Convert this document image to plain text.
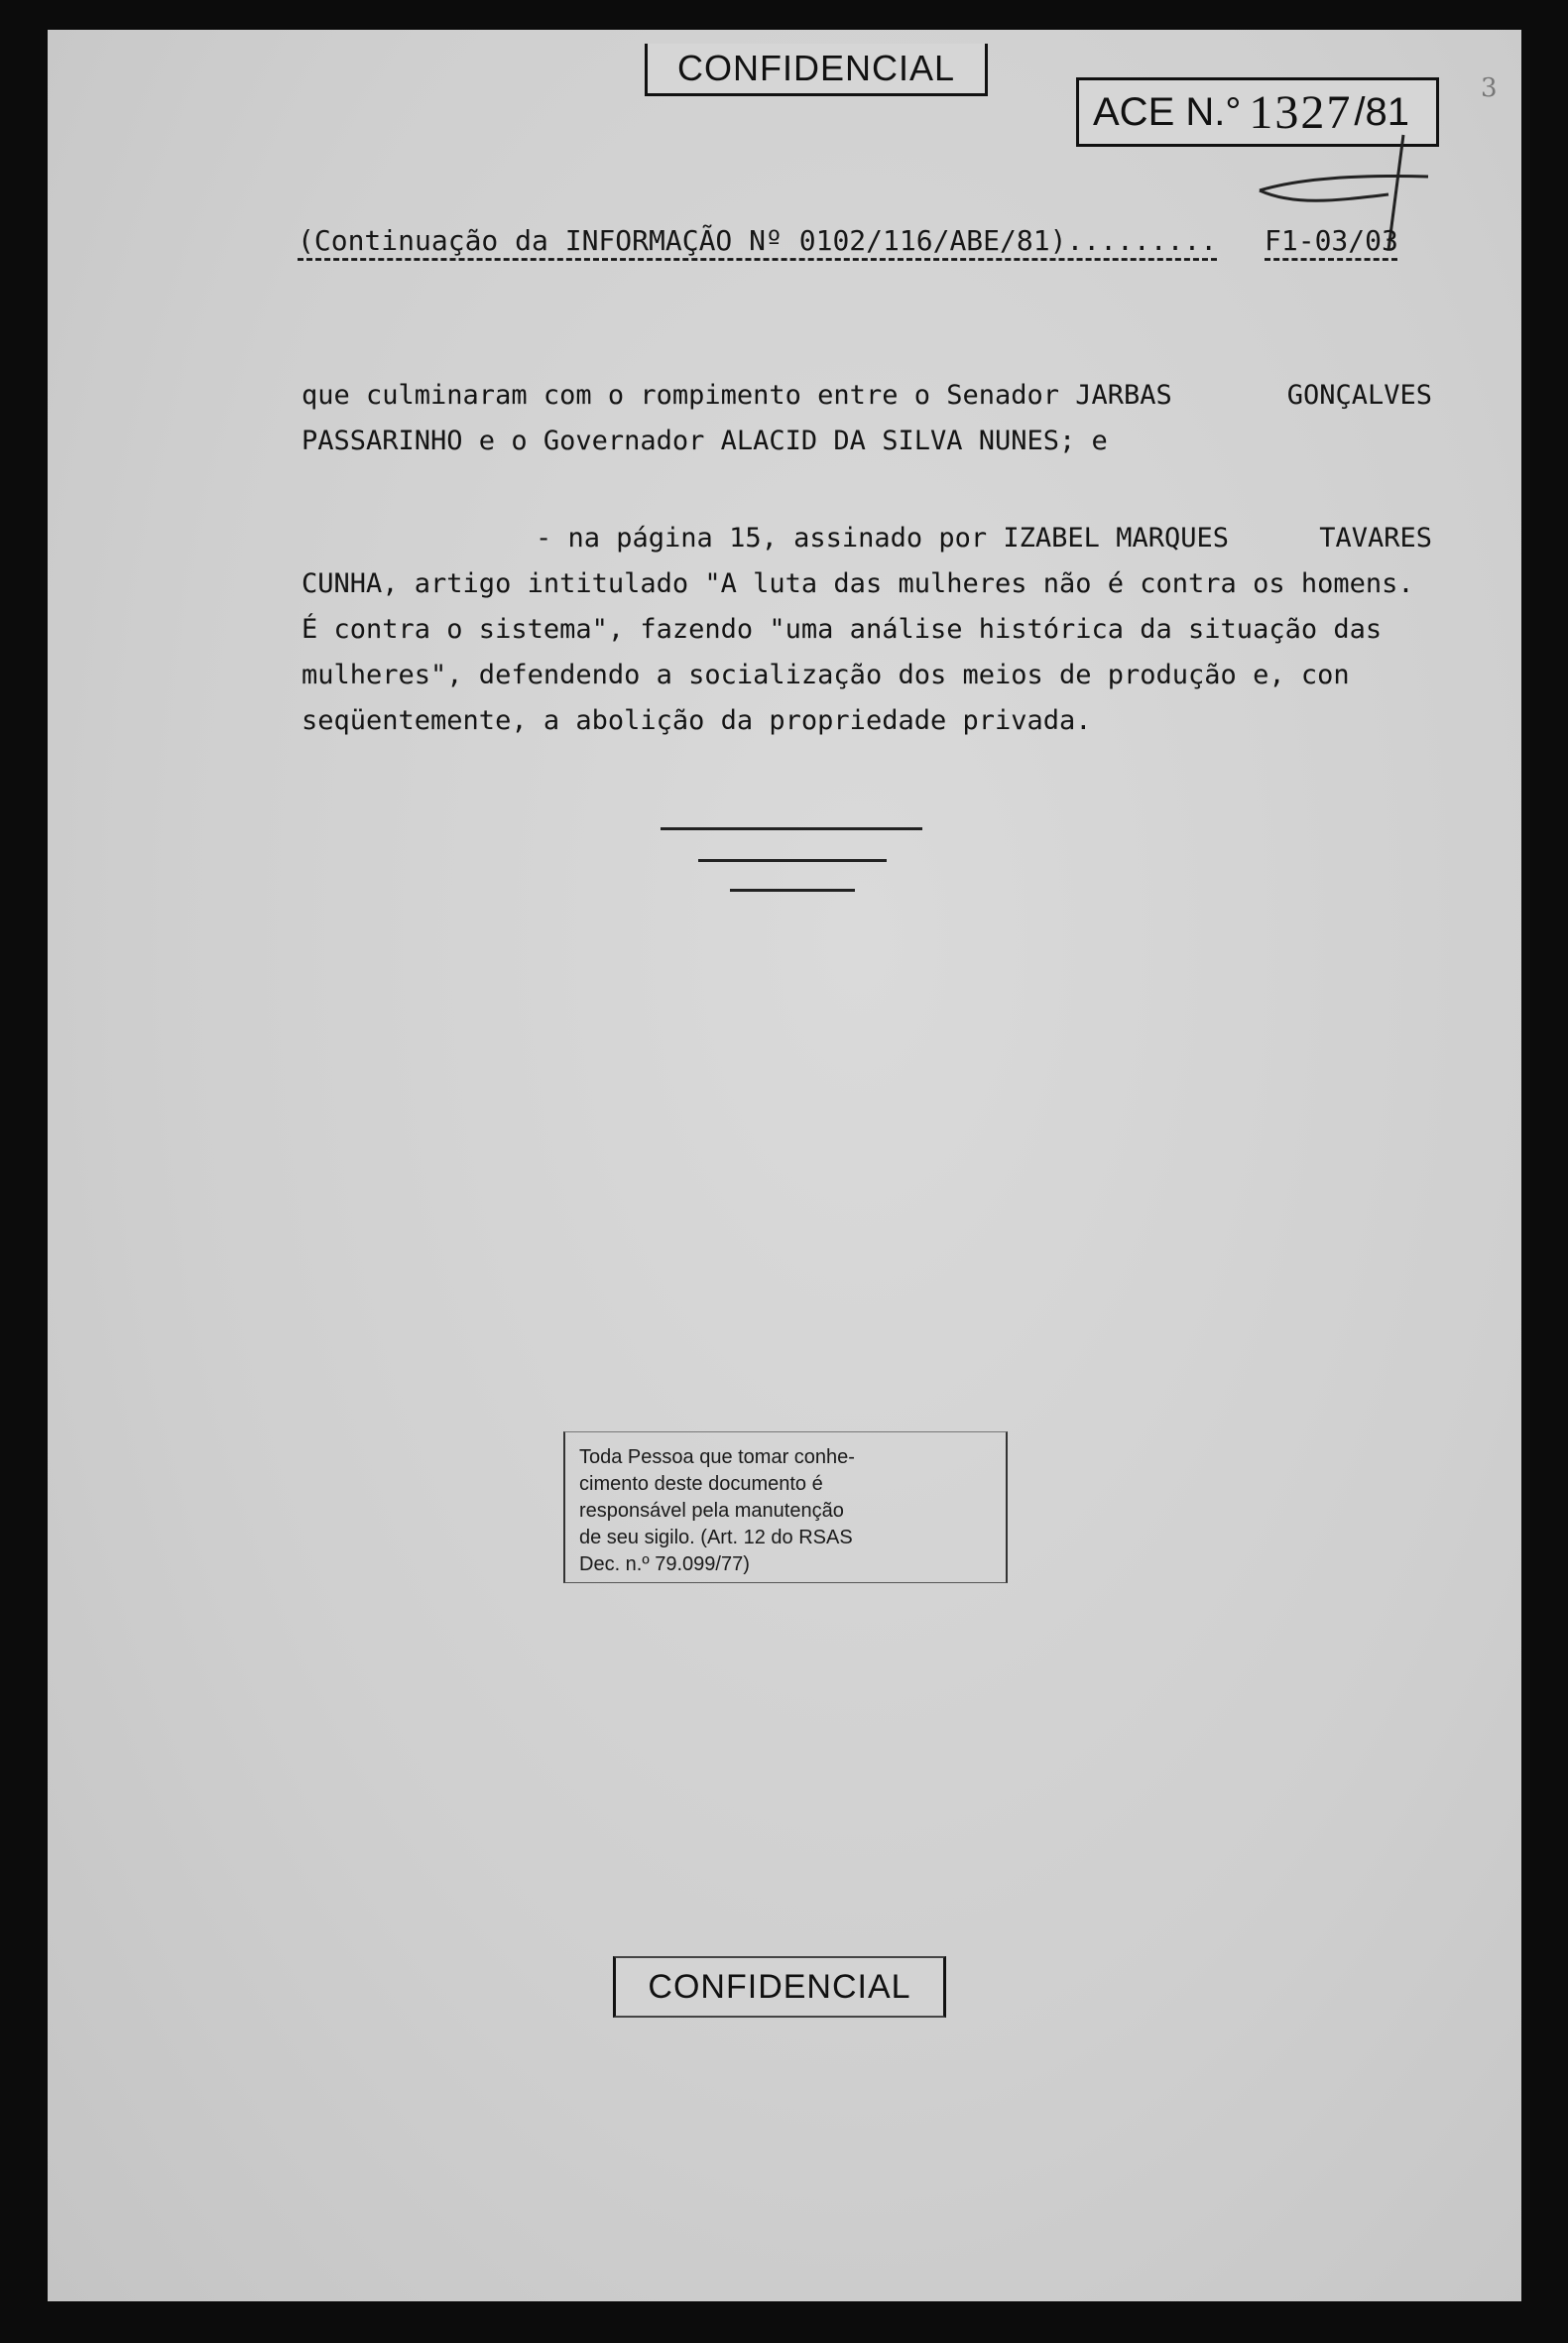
CONFIDENCIAL
ACE N.° 1327 /81
3
(Continuação da INFORMAÇÃO Nº 0102/116/ABE/81).........	F1-03/03
que culminaram com o rompimento entre o Senador JARBAS	GONÇALVES
PASSARINHO e o Governador ALACID DA SILVA NUNES; e
- na página 15, assinado por IZABEL MARQUES	TAVARES
CUNHA, artigo intitulado "A luta das mulheres não é contra os homens.
É contra o sistema", fazendo "uma análise histórica da situação das
mulheres", defendendo a socialização dos meios de produção e, con
seqüentemente, a abolição da propriedade privada.
Toda Pessoa que tomar conhe-
cimento deste documento é
responsável pela manutenção
de seu sigilo. (Art. 12 do RSAS
Dec. n.º 79.099/77)
CONFIDENCIAL
